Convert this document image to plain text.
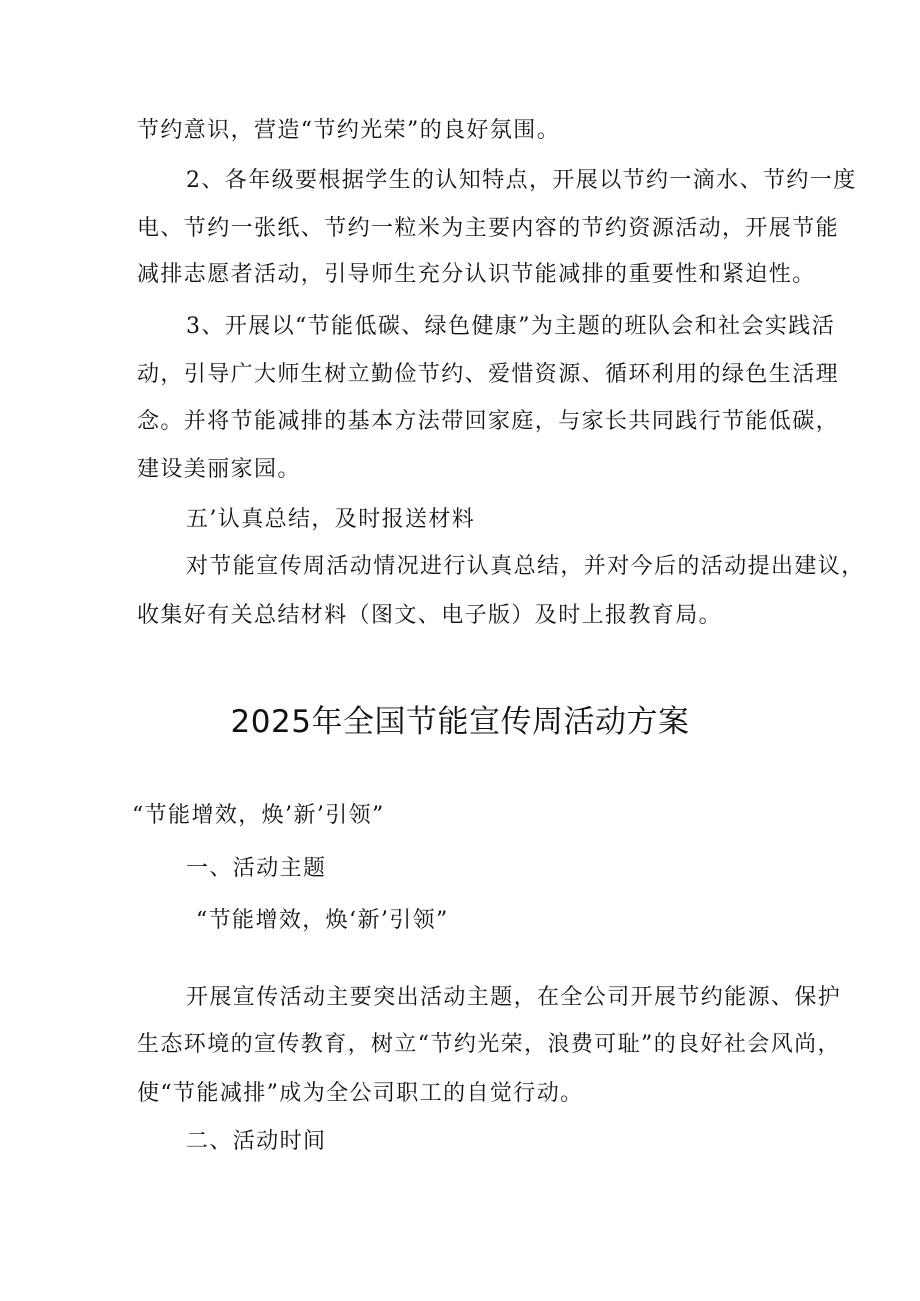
节约意识，营造“节约光荣”的良好氛围。
2、各年级要根据学生的认知特点，开展以节约一滴水、节约一度
电、节约一张纸、节约一粒米为主要内容的节约资源活动，开展节能
减排志愿者活动，引导师生充分认识节能减排的重要性和紧迫性。
3、开展以“节能低碳、绿色健康”为主题的班队会和社会实践活
动，引导广大师生树立勤俭节约、爱惜资源、循环利用的绿色生活理
念。并将节能减排的基本方法带回家庭，与家长共同践行节能低碳，
建设美丽家园。
五’认真总结，及时报送材料
对节能宣传周活动情况进行认真总结，并对今后的活动提出建议，
收集好有关总结材料（图文、电子版）及时上报教育局。
2025年全国节能宣传周活动方案
“节能增效，焕’新’引领”
一、活动主题
“节能增效，焕‘新’引领”
开展宣传活动主要突出活动主题，在全公司开展节约能源、保护
生态环境的宣传教育，树立“节约光荣，浪费可耻”的良好社会风尚，
使“节能减排”成为全公司职工的自觉行动。
二、活动时间
